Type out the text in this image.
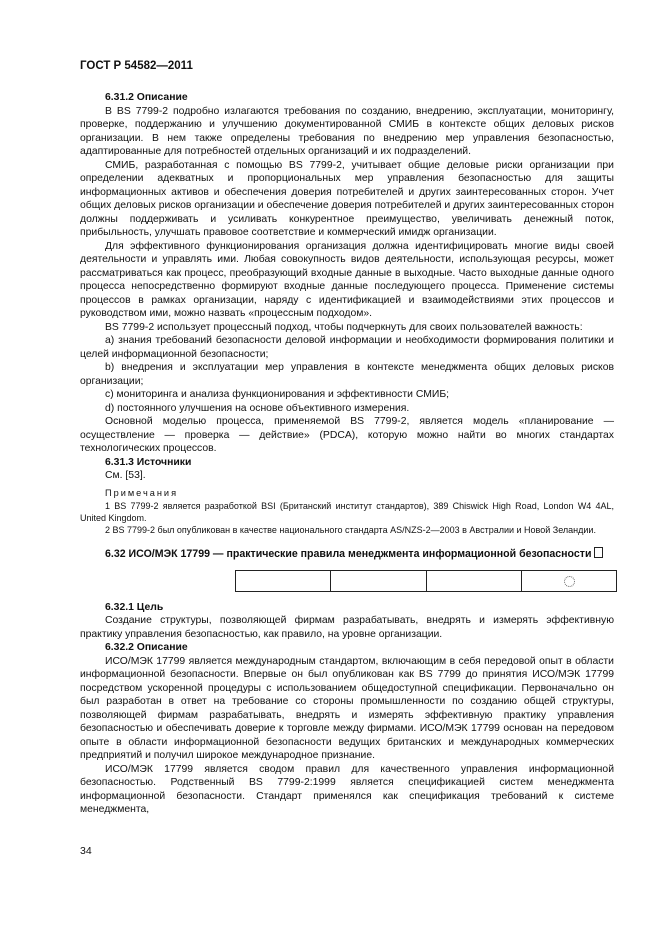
ГОСТ Р 54582—2011
6.31.2 Описание

В BS 7799-2 подробно излагаются требования по созданию, внедрению, эксплуатации, мониторингу, проверке, поддержанию и улучшению документированной СМИБ в контексте общих деловых рисков организации. В нем также определены требования по внедрению мер управления безопасностью, адаптированные для потребностей отдельных организаций и их подразделений.

СМИБ, разработанная с помощью BS 7799-2, учитывает общие деловые риски организации при определении адекватных и пропорциональных мер управления безопасностью для защиты информационных активов и обеспечения доверия потребителей и других заинтересованных сторон. Учет общих деловых рисков организации и обеспечение доверия потребителей и других заинтересованных сторон должны поддерживать и усиливать конкурентное преимущество, увеличивать денежный поток, прибыльность, улучшать правовое соответствие и коммерческий имидж организации.

Для эффективного функционирования организация должна идентифицировать многие виды своей деятельности и управлять ими. Любая совокупность видов деятельности, использующая ресурсы, может рассматриваться как процесс, преобразующий входные данные в выходные. Часто выходные данные одного процесса непосредственно формируют входные данные последующего процесса. Применение системы процессов в рамках организации, наряду с идентификацией и взаимодействиями этих процессов и руководством ими, можно назвать «процессным подходом».

BS 7799-2 использует процессный подход, чтобы подчеркнуть для своих пользователей важность:

a) знания требований безопасности деловой информации и необходимости формирования политики и целей информационной безопасности;

b) внедрения и эксплуатации мер управления в контексте менеджмента общих деловых рисков организации;

c) мониторинга и анализа функционирования и эффективности СМИБ;

d) постоянного улучшения на основе объективного измерения.

Основной моделью процесса, применяемой BS 7799-2, является модель «планирование — осуществление — проверка — действие» (PDCA), которую можно найти во многих стандартах технологических процессов.

6.31.3 Источники

См. [53].

Примечания

1 BS 7799-2 является разработкой BSI (Британский институт стандартов), 389 Chiswick High Road, London W4 4AL, United Kingdom.

2 BS 7799-2 был опубликован в качестве национального стандарта AS/NZS-2—2003 в Австралии и Новой Зеландии.

6.32 ИСО/МЭК 17799 — практические правила менеджмента информационной безопасности
6.32.1 Цель

Создание структуры, позволяющей фирмам разрабатывать, внедрять и измерять эффективную практику управления безопасностью, как правило, на уровне организации.

6.32.2 Описание

ИСО/МЭК 17799 является международным стандартом, включающим в себя передовой опыт в области информационной безопасности. Впервые он был опубликован как BS 7799 до принятия ИСО/МЭК 17799 посредством ускоренной процедуры с использованием общедоступной спецификации. Первоначально он был разработан в ответ на требование со стороны промышленности по созданию общей структуры, позволяющей фирмам разрабатывать, внедрять и измерять эффективную практику управления безопасностью и обеспечивать доверие к торговле между фирмами. ИСО/МЭК 17799 основан на передовом опыте в области информационной безопасности ведущих британских и международных коммерческих предприятий и получил широкое международное признание.

ИСО/МЭК 17799 является сводом правил для качественного управления информационной безопасностью. Родственный BS 7799-2:1999 является спецификацией систем менеджмента информационной безопасности. Стандарт применялся как спецификация требований к системе менеджмента,

34
